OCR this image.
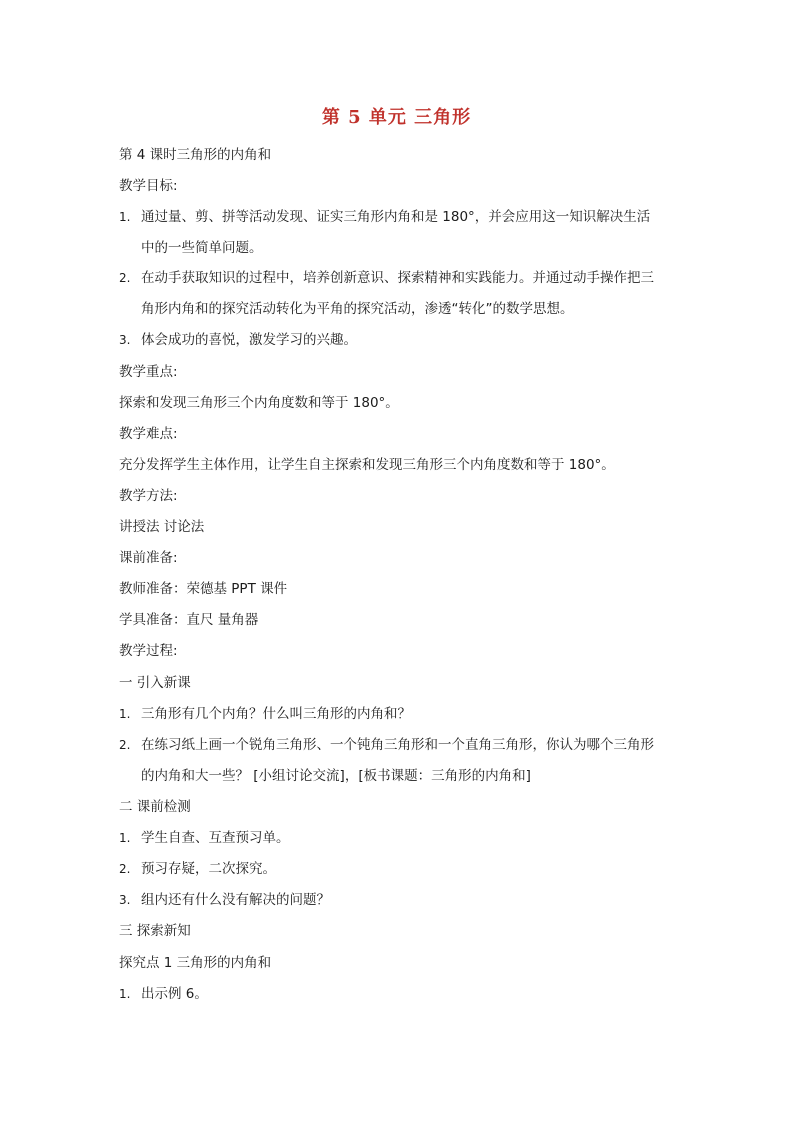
第 5 单元 三角形
第 4 课时三角形的内角和
教学目标:
1. 通过量、剪、拼等活动发现、证实三角形内角和是 180°，并会应用这一知识解决生活
中的一些简单问题。
2. 在动手获取知识的过程中，培养创新意识、探索精神和实践能力。并通过动手操作把三
角形内角和的探究活动转化为平角的探究活动，渗透“转化”的数学思想。
3. 体会成功的喜悦，激发学习的兴趣。
教学重点:
探索和发现三角形三个内角度数和等于 180°。
教学难点:
充分发挥学生主体作用，让学生自主探索和发现三角形三个内角度数和等于 180°。
教学方法:
讲授法 讨论法
课前准备:
教师准备：荣德基 PPT 课件
学具准备：直尺 量角器
教学过程:
一 引入新课
1. 三角形有几个内角？什么叫三角形的内角和？
2. 在练习纸上画一个锐角三角形、一个钝角三角形和一个直角三角形，你认为哪个三角形
的内角和大一些？ [小组讨论交流]，[板书课题：三角形的内角和]
二 课前检测
1. 学生自查、互查预习单。
2. 预习存疑，二次探究。
3. 组内还有什么没有解决的问题？
三 探索新知
探究点 1 三角形的内角和
1. 出示例 6。
